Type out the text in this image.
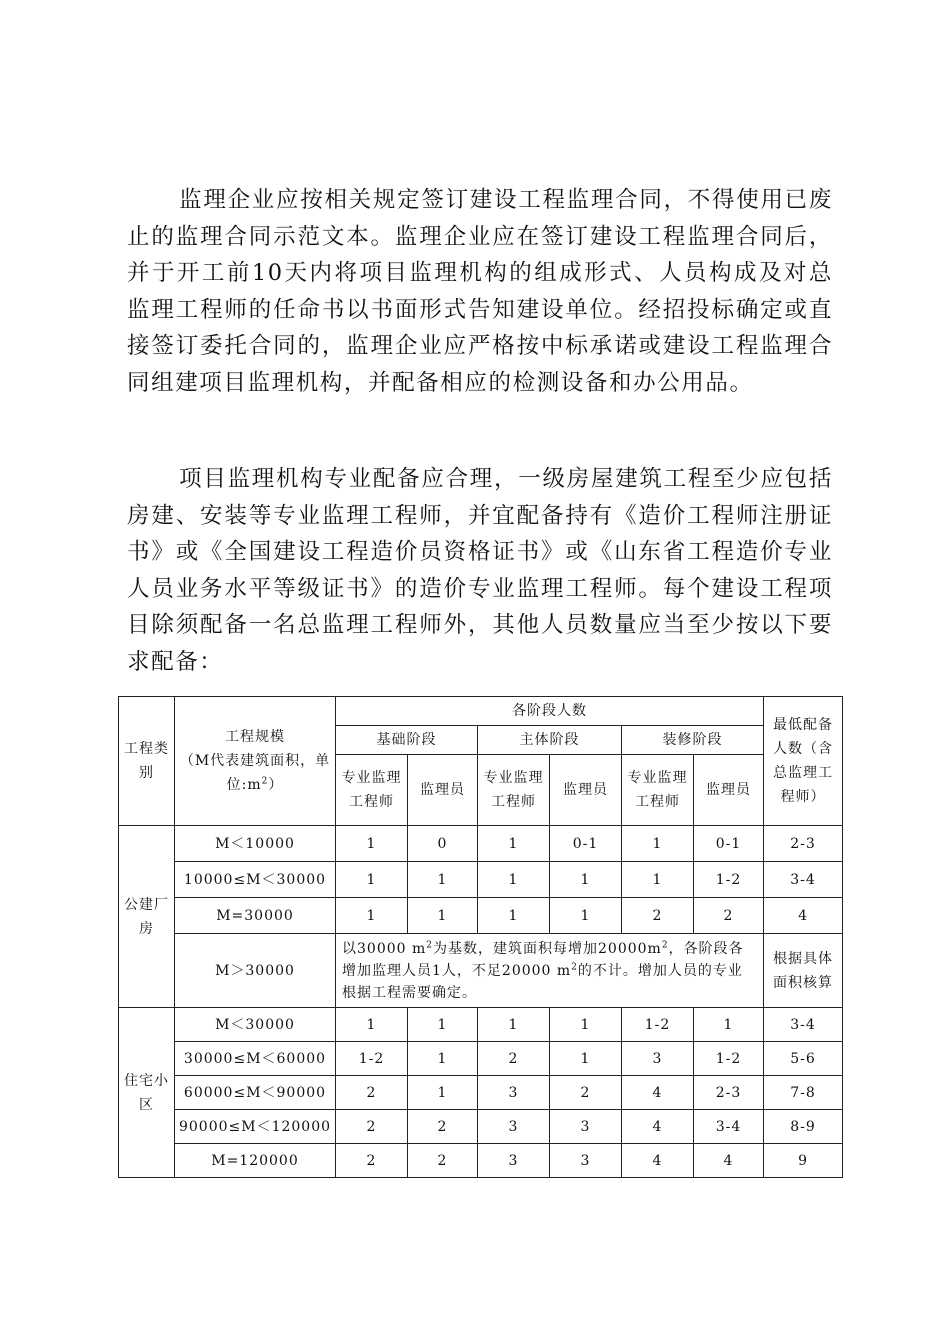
监理企业应按相关规定签订建设工程监理合同，不得使用已废止的监理合同示范文本。监理企业应在签订建设工程监理合同后，并于开工前10天内将项目监理机构的组成形式、人员构成及对总监理工程师的任命书以书面形式告知建设单位。经招投标确定或直接签订委托合同的，监理企业应严格按中标承诺或建设工程监理合同组建项目监理机构，并配备相应的检测设备和办公用品。

项目监理机构专业配备应合理，一级房屋建筑工程至少应包括房建、安装等专业监理工程师，并宜配备持有《造价工程师注册证书》或《全国建设工程造价员资格证书》或《山东省工程造价专业人员业务水平等级证书》的造价专业监理工程师。每个建设工程项目除须配备一名总监理工程师外，其他人员数量应当至少按以下要求配备：

工程类别	工程规模
（M代表建筑面积，单位$:m^2$）	各阶段人数						最低配备人数（含总监理工程师）
		基础阶段		主体阶段		装修阶段		
		专业监理工程师	监理员	专业监理工程师	监理员	专业监理工程师	监理员	
公建厂房	M＜10000	1	0	1	0-1	1	0-1	2-3
	10000≤M＜30000	1	1	1	1	1	1-2	3-4
	M=30000	1	1	1	1	2	2	4
	M＞30000	以30000 $m^2$为基数，建筑面积每增加$20000m^2$，各阶段各增加监理人员1人，不足20000 $m^2$的不计。增加人员的专业根据工程需要确定。						根据具体面积核算
住宅小区	M＜30000	1	1	1	1	1-2	1	3-4
	30000≤M＜60000	1-2	1	2	1	3	1-2	5-6
	60000≤M＜90000	2	1	3	2	4	2-3	7-8
	90000≤M＜120000	2	2	3	3	4	3-4	8-9
	M=120000	2	2	3	3	4	4	9
